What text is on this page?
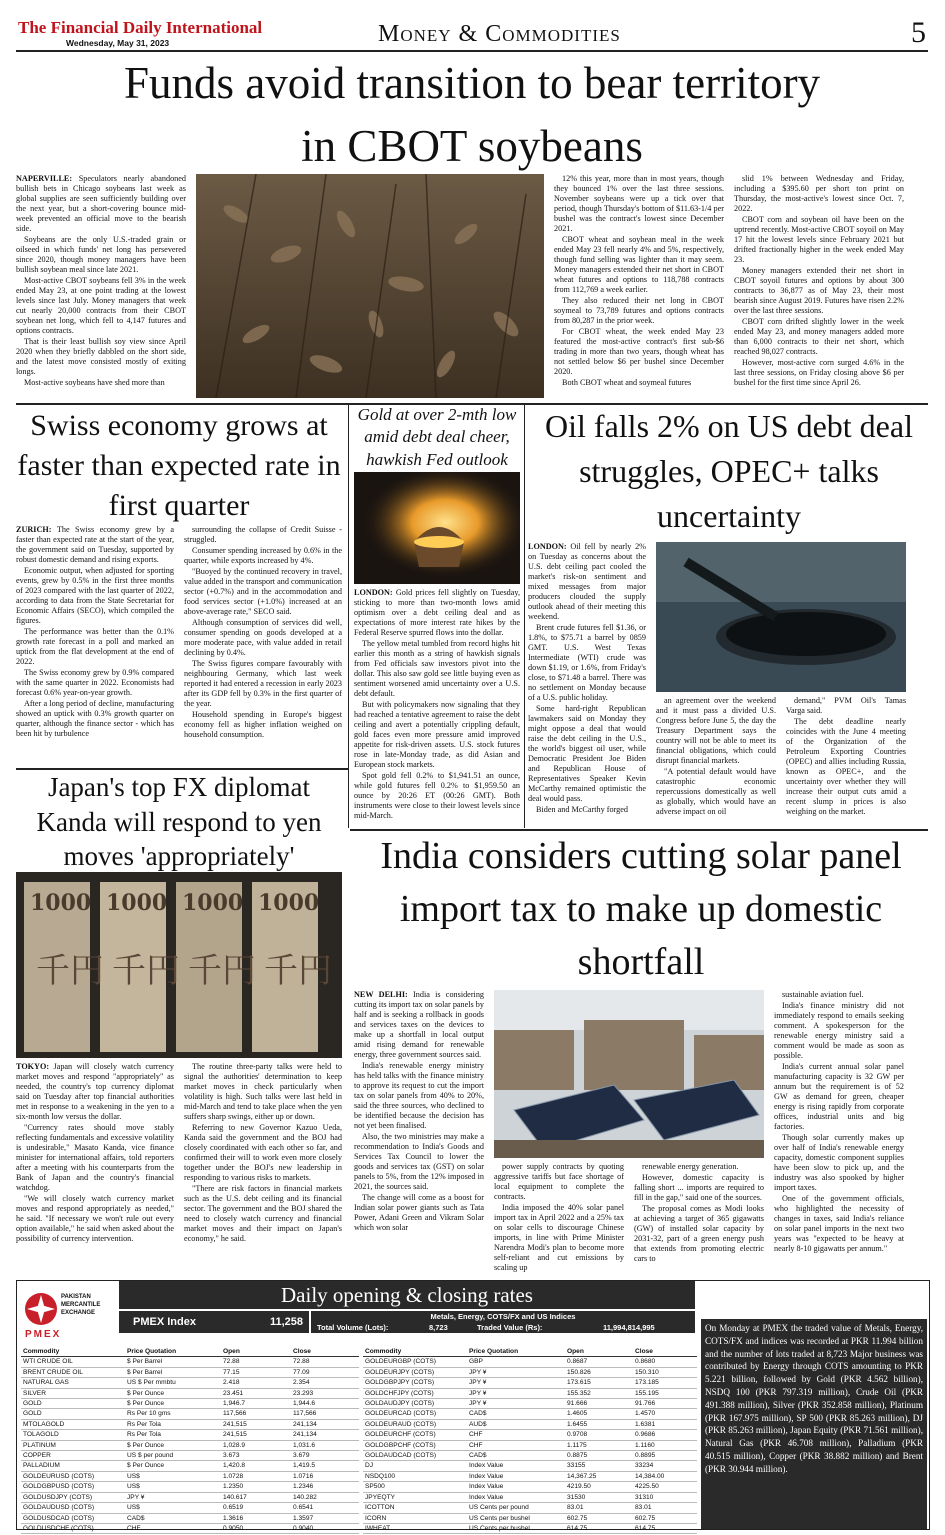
The Financial Daily International
Wednesday, May 31, 2023	Money & Commodities	5
Funds avoid transition to bear territory
in CBOT soybeans

NAPERVILLE: Speculators nearly abandoned bullish bets in Chicago soybeans last week as global supplies are seen sufficiently building over the next year, but a short-covering bounce mid-week prevented an official move to the bearish side.

Soybeans are the only U.S.-traded grain or oilseed in which funds' net long has persevered since 2020, though money managers have been bullish soybean meal since late 2021.

Most-active CBOT soybeans fell 3% in the week ended May 23, at one point trading at the lowest levels since last July. Money managers that week cut nearly 20,000 contracts from their CBOT soybean net long, which fell to 4,147 futures and options contracts.

That is their least bullish soy view since April 2020 when they briefly dabbled on the short side, and the latest move consisted mostly of exiting longs.

Most-active soybeans have shed more than

12% this year, more than in most years, though they bounced 1% over the last three sessions. November soybeans were up a tick over that period, though Thursday's bottom of $11.63-1/4 per bushel was the contract's lowest since December 2021.

CBOT wheat and soybean meal in the week ended May 23 fell nearly 4% and 5%, respectively, though fund selling was lighter than it may seem. Money managers extended their net short in CBOT wheat futures and options to 118,788 contracts from 112,769 a week earlier.

They also reduced their net long in CBOT soymeal to 73,789 futures and options contracts from 80,287 in the prior week.

For CBOT wheat, the week ended May 23 featured the most-active contract's first sub-$6 trading in more than two years, though wheat has not settled below $6 per bushel since December 2020.

Both CBOT wheat and soymeal futures

slid 1% between Wednesday and Friday, including a $395.60 per short ton print on Thursday, the most-active's lowest since Oct. 7, 2022.

CBOT corn and soybean oil have been on the uptrend recently. Most-active CBOT soyoil on May 17 hit the lowest levels since February 2021 but drifted fractionally higher in the week ended May 23.

Money managers extended their net short in CBOT soyoil futures and options by about 300 contracts to 36,877 as of May 23, their most bearish since August 2019. Futures have risen 2.2% over the last three sessions.

CBOT corn drifted slightly lower in the week ended May 23, and money managers added more than 6,000 contracts to their net short, which reached 98,027 contracts.

However, most-active corn surged 4.6% in the last three sessions, on Friday closing above $6 per bushel for the first time since April 26.

Swiss economy grows at faster than expected rate in first quarter

ZURICH: The Swiss economy grew by a faster than expected rate at the start of the year, the government said on Tuesday, supported by robust domestic demand and rising exports.

Economic output, when adjusted for sporting events, grew by 0.5% in the first three months of 2023 compared with the last quarter of 2022, according to data from the State Secretariat for Economic Affairs (SECO), which compiled the figures.

The performance was better than the 0.1% growth rate forecast in a poll and marked an uptick from the flat development at the end of 2022.

The Swiss economy grew by 0.9% compared with the same quarter in 2022. Economists had forecast 0.6% year-on-year growth.

After a long period of decline, manufacturing showed an uptick with 0.3% growth quarter on quarter, although the finance sector - which has been hit by turbulence

surrounding the collapse of Credit Suisse - struggled.

Consumer spending increased by 0.6% in the quarter, while exports increased by 4%.

"Buoyed by the continued recovery in travel, value added in the transport and communication sector (+0.7%) and in the accommodation and food services sector (+1.0%) increased at an above-average rate," SECO said.

Although consumption of services did well, consumer spending on goods developed at a more moderate pace, with value added in retail declining by 0.4%.

The Swiss figures compare favourably with neighbouring Germany, which last week reported it had entered a recession in early 2023 after its GDP fell by 0.3% in the first quarter of the year.

Household spending in Europe's biggest economy fell as higher inflation weighed on household consumption.

Gold at over 2-mth low amid debt deal cheer, hawkish Fed outlook

LONDON: Gold prices fell slightly on Tuesday, sticking to more than two-month lows amid optimism over a debt ceiling deal and as expectations of more interest rate hikes by the Federal Reserve spurred flows into the dollar.

The yellow metal tumbled from record highs hit earlier this month as a string of hawkish signals from Fed officials saw investors pivot into the dollar. This also saw gold see little buying even as sentiment worsened amid uncertainty over a U.S. debt default.

But with policymakers now signaling that they had reached a tentative agreement to raise the debt ceiling and avert a potentially crippling default, gold faces even more pressure amid improved appetite for risk-driven assets. U.S. stock futures rose in late-Monday trade, as did Asian and European stock markets.

Spot gold fell 0.2% to $1,941.51 an ounce, while gold futures fell 0.2% to $1,959.50 an ounce by 20:26 ET (00:26 GMT). Both instruments were close to their lowest levels since mid-March.

Oil falls 2% on US debt deal struggles, OPEC+ talks uncertainty

LONDON: Oil fell by nearly 2% on Tuesday as concerns about the U.S. debt ceiling pact cooled the market's risk-on sentiment and mixed messages from major producers clouded the supply outlook ahead of their meeting this weekend.

Brent crude futures fell $1.36, or 1.8%, to $75.71 a barrel by 0859 GMT. U.S. West Texas Intermediate (WTI) crude was down $1.19, or 1.6%, from Friday's close, to $71.48 a barrel. There was no settlement on Monday because of a U.S. public holiday.

Some hard-right Republican lawmakers said on Monday they might oppose a deal that would raise the debt ceiling in the U.S., the world's biggest oil user, while Democratic President Joe Biden and Republican House of Representatives Speaker Kevin McCarthy remained optimistic the deal would pass.

Biden and McCarthy forged

an agreement over the weekend and it must pass a divided U.S. Congress before June 5, the day the Treasury Department says the country will not be able to meet its financial obligations, which could disrupt financial markets.

"A potential default would have catastrophic economic repercussions domestically as well as globally, which would have an adverse impact on oil

demand," PVM Oil's Tamas Varga said.

The debt deadline nearly coincides with the June 4 meeting of the Organization of the Petroleum Exporting Countries (OPEC) and allies including Russia, known as OPEC+, and the uncertainty over whether they will increase their output cuts amid a recent slump in prices is also weighing on the market.

Japan's top FX diplomat Kanda will respond to yen moves 'appropriately'
1000 1000 1000 1000
千円 千円 千円 千円

TOKYO: Japan will closely watch currency market moves and respond "appropriately" as needed, the country's top currency diplomat said on Tuesday after top financial authorities met in response to a weakening in the yen to a six-month low versus the dollar.

"Currency rates should move stably reflecting fundamentals and excessive volatility is undesirable," Masato Kanda, vice finance minister for international affairs, told reporters after a meeting with his counterparts from the Bank of Japan and the country's financial watchdog.

"We will closely watch currency market moves and respond appropriately as needed," he said. "If necessary we won't rule out every option available," he said when asked about the possibility of currency intervention.

The routine three-party talks were held to signal the authorities' determination to keep market moves in check particularly when volatility is high. Such talks were last held in mid-March and tend to take place when the yen suffers sharp swings, either up or down.

Referring to new Governor Kazuo Ueda, Kanda said the government and the BOJ had closely coordinated with each other so far, and confirmed their will to work even more closely together under the BOJ's new leadership in responding to various risks to markets.

"There are risk factors in financial markets such as the U.S. debt ceiling and its financial sector. The government and the BOJ shared the need to closely watch currency and financial market moves and their impact on Japan's economy," he said.

India considers cutting solar panel import tax to make up domestic shortfall

NEW DELHI: India is considering cutting its import tax on solar panels by half and is seeking a rollback in goods and services taxes on the devices to make up a shortfall in local output amid rising demand for renewable energy, three government sources said.

India's renewable energy ministry has held talks with the finance ministry to approve its request to cut the import tax on solar panels from 40% to 20%, said the three sources, who declined to be identified because the decision has not yet been finalised.

Also, the two ministries may make a recommendation to India's Goods and Services Tax Council to lower the goods and services tax (GST) on solar panels to 5%, from the 12% imposed in 2021, the sources said.

The change will come as a boost for Indian solar power giants such as Tata Power, Adani Green and Vikram Solar which won solar

power supply contracts by quoting aggressive tariffs but face shortage of local equipment to complete the contracts.

India imposed the 40% solar panel import tax in April 2022 and a 25% tax on solar cells to discourage Chinese imports, in line with Prime Minister Narendra Modi's plan to become more self-reliant and cut emissions by scaling up

renewable energy generation.

However, domestic capacity is falling short ... imports are required to fill in the gap," said one of the sources.

The proposal comes as Modi looks at achieving a target of 365 gigawatts (GW) of installed solar capacity by 2031-32, part of a green energy push that extends from promoting electric cars to

sustainable aviation fuel.

India's finance ministry did not immediately respond to emails seeking comment. A spokesperson for the renewable energy ministry said a comment would be made as soon as possible.

India's current annual solar panel manufacturing capacity is 32 GW per annum but the requirement is of 52 GW as demand for green, cheaper energy is rising rapidly from corporate offices, industrial units and big factories.

Though solar currently makes up over half of India's renewable energy capacity, domestic component supplies have been slow to pick up, and the industry was also spooked by higher import taxes.

One of the government officials, who highlighted the necessity of changes in taxes, said India's reliance on solar panel imports in the next two years was "expected to be heavy at nearly 8-10 gigawatts per annum."

PAKISTAN MERCANTILE EXCHANGE
PMEX
Daily opening & closing rates
PMEX Index	11,258	Metals, Energy, COTS/FX and US Indices
Total Volume (Lots):	8,723	Traded Value (Rs):	11,994,814,995
Commodity	Price Quotation	Open	Close
WTI CRUDE OIL	$ Per Barrel	72.88	72.88
BRENT CRUDE OIL	$ Per Barrel	77.15	77.09
NATURAL GAS	US $ Per mmbtu	2.418	2.354
SILVER	$ Per Ounce	23.451	23.293
GOLD	$ Per Ounce	1,946.7	1,944.6
GOLD	Rs Per 10 gms	117,566	117,566
MTOLAGOLD	Rs Per Tola	241,515	241,134
TOLAGOLD	Rs Per Tola	241,515	241,134
PLATINUM	$ Per Ounce	1,028.9	1,031.6
COPPER	US $ per pound	3.673	3.679
PALLADIUM	$ Per Ounce	1,420.8	1,419.5
GOLDEURUSD (COTS)	US$	1.0728	1.0716
GOLDGBPUSD (COTS)	US$	1.2350	1.2346
GOLDUSDJPY (COTS)	JPY ¥	140.617	140.282
GOLDAUDUSD (COTS)	US$	0.6519	0.6541
GOLDUSDCAD (COTS)	CAD$	1.3616	1.3597
GOLDUSDCHF (COTS)	CHF	0.9050	0.9040
Commodity	Price Quotation	Open	Close
GOLDEURGBP (COTS)	GBP	0.8687	0.8680
GOLDEURJPY (COTS)	JPY ¥	150.826	150.310
GOLDGBPJPY (COTS)	JPY ¥	173.615	173.185
GOLDCHFJPY (COTS)	JPY ¥	155.352	155.195
GOLDAUDJPY (COTS)	JPY ¥	91.666	91.766
GOLDEURCAD (COTS)	CAD$	1.4605	1.4570
GOLDEURAUD (COTS)	AUD$	1.6455	1.6381
GOLDEURCHF (COTS)	CHF	0.9708	0.9686
GOLDGBPCHF (COTS)	CHF	1.1175	1.1160
GOLDAUDCAD (COTS)	CAD$	0.8875	0.8895
DJ	Index Value	33155	33234
NSDQ100	Index Value	14,367.25	14,384.00
SP500	Index Value	4219.50	4225.50
JPYEQTY	Index Value	31530	31310
ICOTTON	US Cents per pound	83.01	83.01
ICORN	US Cents per bushel	602.75	602.75
IWHEAT	US Cents per bushel	614.75	614.75
On Monday at PMEX the traded value of Metals, Energy, COTS/FX and indices was recorded at PKR 11.994 billion and the number of lots traded at 8,723 Major business was contributed by Energy through COTS amounting to PKR 5.221 billion, followed by Gold (PKR 4.562 billion), NSDQ 100 (PKR 797.319 million), Crude Oil (PKR 491.388 million), Silver (PKR 352.858 million), Platinum (PKR 167.975 million), SP 500 (PKR 85.263 million), DJ (PKR 85.263 million), Japan Equity (PKR 71.561 million), Natural Gas (PKR 46.708 million), Palladium (PKR 40.515 million), Copper (PKR 38.882 million) and Brent (PKR 30.944 million).
